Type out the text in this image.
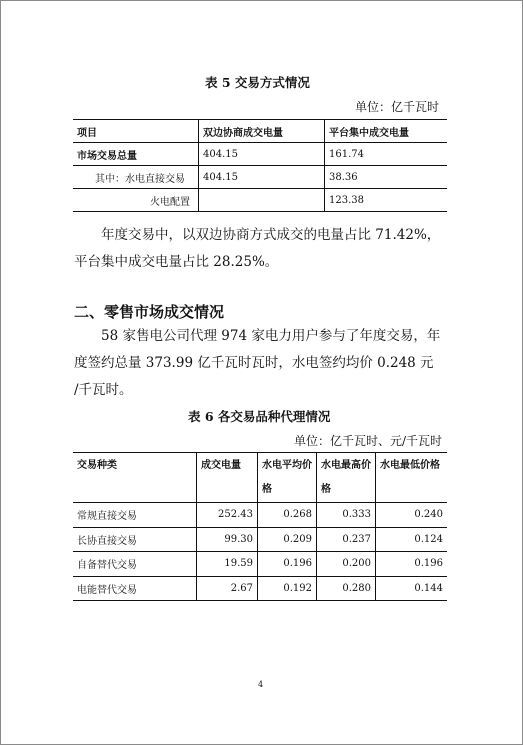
表 5 交易方式情况
单位：亿千瓦时
项目	双边协商成交电量	平台集中成交电量
市场交易总量	404.15	161.74
其中：水电直接交易	404.15	38.36
火电配置		123.38
年度交易中，以双边协商方式成交的电量占比 71.42%，
平台集中成交电量占比 28.25%。
二、零售市场成交情况
58 家售电公司代理 974 家电力用户参与了年度交易，年
度签约总量 373.99 亿千瓦时瓦时，水电签约均价 0.248 元
/千瓦时。
表 6 各交易品种代理情况
单位：亿千瓦时、元/千瓦时
交易种类	成交电量	水电平均价格	水电最高价格	水电最低价格
常规直接交易	252.43	0.268	0.333	0.240
长协直接交易	99.30	0.209	0.237	0.124
自备替代交易	19.59	0.196	0.200	0.196
电能替代交易	2.67	0.192	0.280	0.144
4
